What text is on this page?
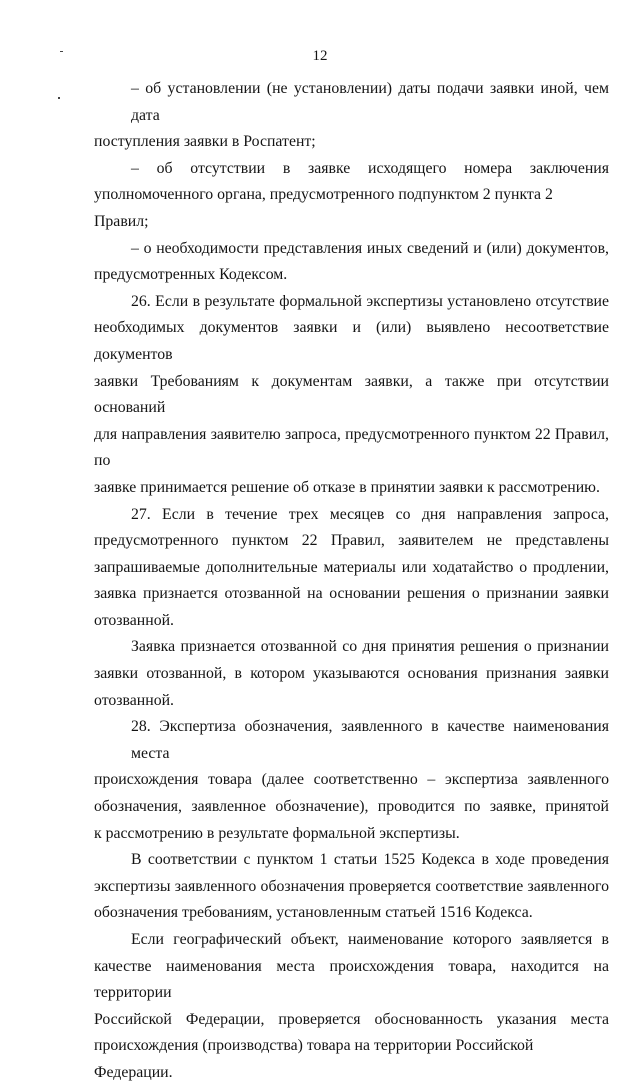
12
– об установлении (не установлении) даты подачи заявки иной, чем дата
поступления заявки в Роспатент;
– об отсутствии в заявке исходящего номера заключения
уполномоченного органа, предусмотренного подпунктом 2 пункта 2 Правил;
– о необходимости представления иных сведений и (или) документов,
предусмотренных Кодексом.
26. Если в результате формальной экспертизы установлено отсутствие
необходимых документов заявки и (или) выявлено несоответствие документов
заявки Требованиям к документам заявки, а также при отсутствии оснований
для направления заявителю запроса, предусмотренного пунктом 22 Правил, по
заявке принимается решение об отказе в принятии заявки к рассмотрению.
27. Если в течение трех месяцев со дня направления запроса,
предусмотренного пунктом 22 Правил, заявителем не представлены
запрашиваемые дополнительные материалы или ходатайство о продлении,
заявка признается отозванной на основании решения о признании заявки
отозванной.
Заявка признается отозванной со дня принятия решения о признании
заявки отозванной, в котором указываются основания признания заявки
отозванной.
28. Экспертиза обозначения, заявленного в качестве наименования места
происхождения товара (далее соответственно – экспертиза заявленного
обозначения, заявленное обозначение), проводится по заявке, принятой
к рассмотрению в результате формальной экспертизы.
В соответствии с пунктом 1 статьи 1525 Кодекса в ходе проведения
экспертизы заявленного обозначения проверяется соответствие заявленного
обозначения требованиям, установленным статьей 1516 Кодекса.
Если географический объект, наименование которого заявляется в
качестве наименования места происхождения товара, находится на территории
Российской Федерации, проверяется обоснованность указания места
происхождения (производства) товара на территории Российской Федерации.
